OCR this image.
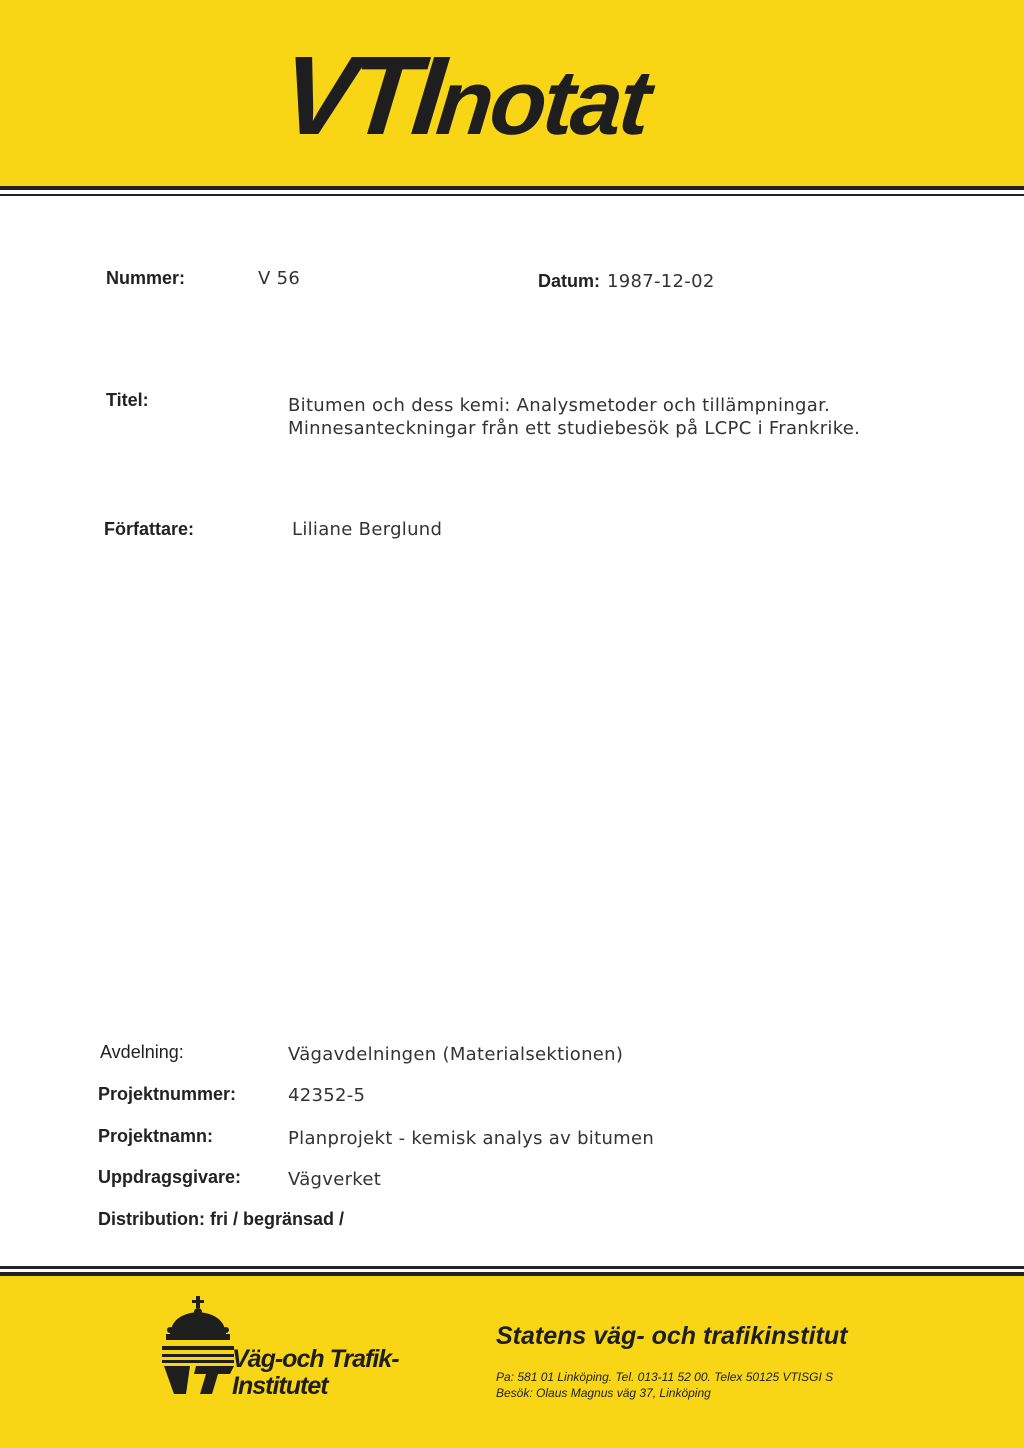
VTInotat
Nummer:	V 56	Datum: 1987-12-02
Titel:	Bitumen och dess kemi: Analysmetoder och tillämpningar.
Minnesanteckningar från ett studiebesök på LCPC i Frankrike.
Författare:	Liliane Berglund
Avdelning:	Vägavdelningen (Materialsektionen)
Projektnummer:	42352-5
Projektnamn:	Planprojekt - kemisk analys av bitumen
Uppdragsgivare:	Vägverket
Distribution: fri / begränsad /
Väg-och Trafik-
Institutet
Statens väg- och trafikinstitut
Pa: 581 01 Linköping. Tel. 013-11 52 00. Telex 50125 VTISGI S
Besök: Olaus Magnus väg 37, Linköping
